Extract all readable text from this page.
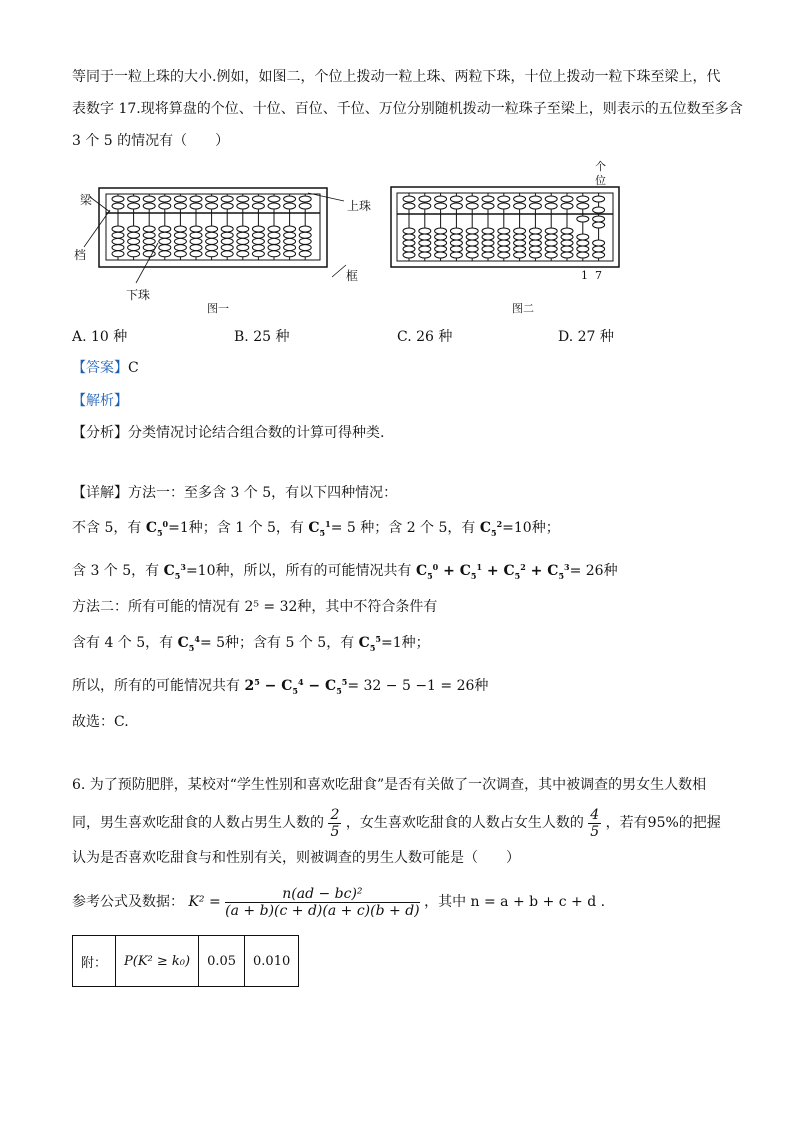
等同于一粒上珠的大小.例如，如图二，个位上拨动一粒上珠、两粒下珠，十位上拨动一粒下珠至梁上，代
表数字 17.现将算盘的个位、十位、百位、千位、万位分别随机拨动一粒珠子至梁上，则表示的五位数至多含
3 个 5 的情况有（　　）
梁
档
上珠
下珠
框
图一
个
位
1  7
图二
A. 10 种	B. 25 种	C. 26 种	D. 27 种
【答案】C
【解析】
【分析】分类情况讨论结合组合数的计算可得种类.
【详解】方法一：至多含 3 个 5，有以下四种情况：
不含 5，有 $C_5^0=1$种；含 1 个 5，有 $C_5^1= 5$ 种；含 2 个 5，有 $C_5^2=10$种；
含 3 个 5，有 $C_5^3=10$种，所以，所有的可能情况共有 $C_5^0 + C_5^1 + C_5^2 + C_5^3= 26$种
方法二：所有可能的情况有 2⁵ = 32种，其中不符合条件有
含有 4 个 5，有 $C_5^4= 5$种；含有 5 个 5，有 $C_5^5=1$种；
所以，所有的可能情况共有 $2^5 - C_5^4 - C_5^5= 32 - 5 -1 = 26$种
故选：C.
6. 为了预防肥胖，某校对“学生性别和喜欢吃甜食”是否有关做了一次调查，其中被调查的男女生人数相
同，男生喜欢吃甜食的人数占男生人数的 $\frac{2}{5}$ ，女生喜欢吃甜食的人数占女生人数的 $\frac{4}{5}$ ，若有95%的把握
认为是否喜欢吃甜食与和性别有关，则被调查的男生人数可能是（　　）
参考公式及数据： $K^2 = \frac{\text{n(ad − bc)²}}{(a + b)(c + d)(a + c)(b + d)}$ ，其中 n = a + b + c + d .
附：	P(K² ≥ k₀)	0.05	0.010
